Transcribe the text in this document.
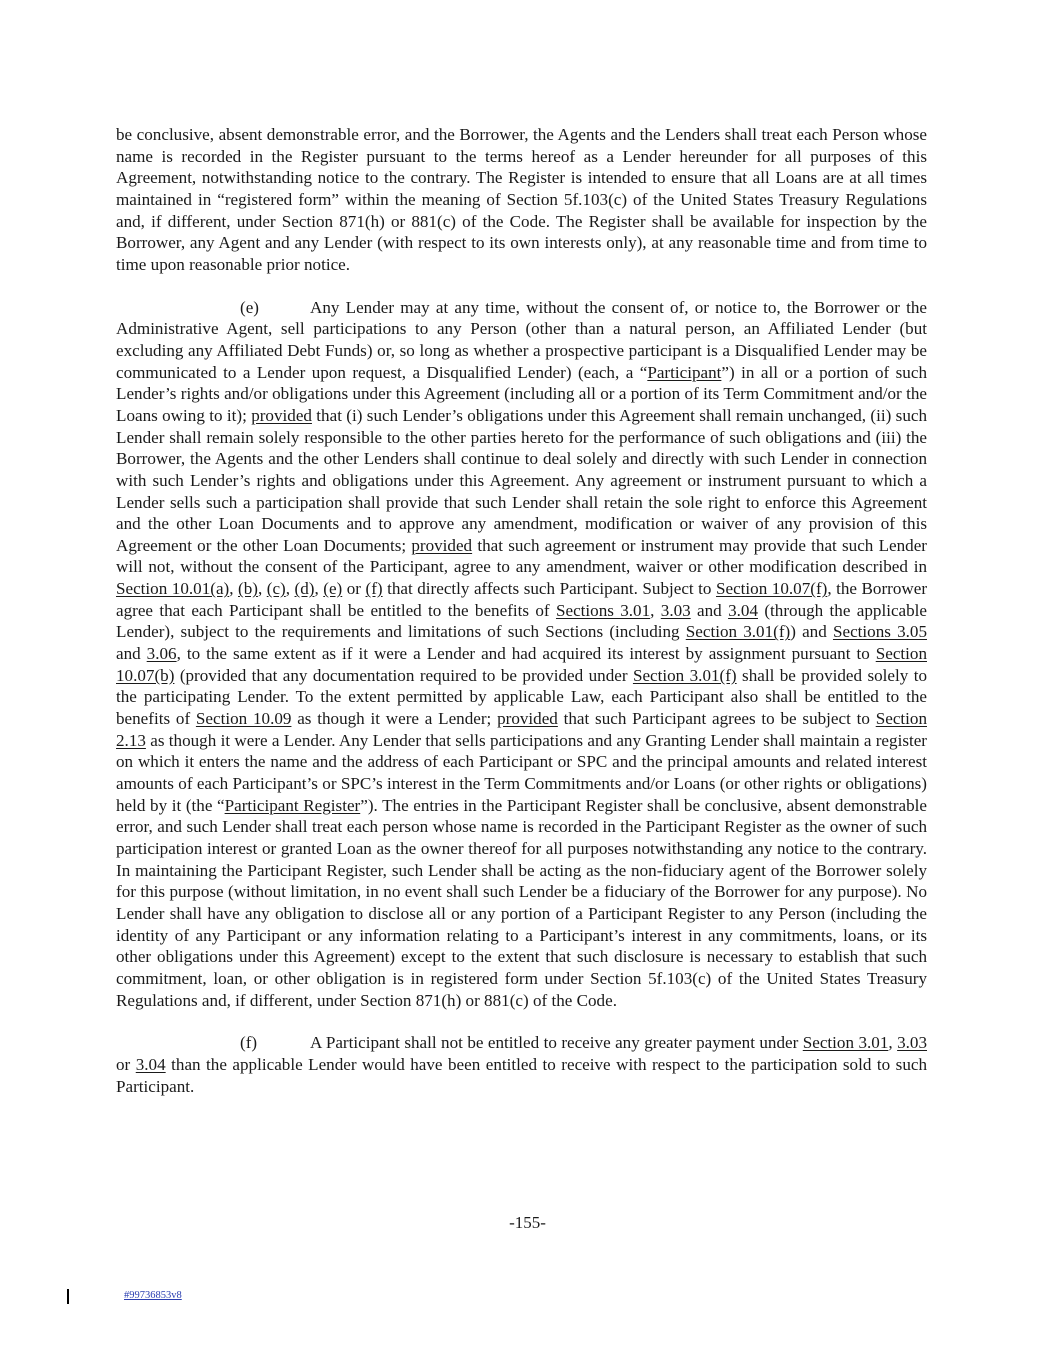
be conclusive, absent demonstrable error, and the Borrower, the Agents and the Lenders shall treat each Person whose name is recorded in the Register pursuant to the terms hereof as a Lender hereunder for all purposes of this Agreement, notwithstanding notice to the contrary. The Register is intended to ensure that all Loans are at all times maintained in “registered form” within the meaning of Section 5f.103(c) of the United States Treasury Regulations and, if different, under Section 871(h) or 881(c) of the Code. The Register shall be available for inspection by the Borrower, any Agent and any Lender (with respect to its own interests only), at any reasonable time and from time to time upon reasonable prior notice.

(e)	Any Lender may at any time, without the consent of, or notice to, the Borrower or the Administrative Agent, sell participations to any Person (other than a natural person, an Affiliated Lender (but excluding any Affiliated Debt Funds) or, so long as whether a prospective participant is a Disqualified Lender may be communicated to a Lender upon request, a Disqualified Lender) (each, a “Participant”) in all or a portion of such Lender’s rights and/or obligations under this Agreement (including all or a portion of its Term Commitment and/or the Loans owing to it); provided that (i) such Lender’s obligations under this Agreement shall remain unchanged, (ii) such Lender shall remain solely responsible to the other parties hereto for the performance of such obligations and (iii) the Borrower, the Agents and the other Lenders shall continue to deal solely and directly with such Lender in connection with such Lender’s rights and obligations under this Agreement. Any agreement or instrument pursuant to which a Lender sells such a participation shall provide that such Lender shall retain the sole right to enforce this Agreement and the other Loan Documents and to approve any amendment, modification or waiver of any provision of this Agreement or the other Loan Documents; provided that such agreement or instrument may provide that such Lender will not, without the consent of the Participant, agree to any amendment, waiver or other modification described in Section 10.01(a), (b), (c), (d), (e) or (f) that directly affects such Participant. Subject to Section 10.07(f), the Borrower agree that each Participant shall be entitled to the benefits of Sections 3.01, 3.03 and 3.04 (through the applicable Lender), subject to the requirements and limitations of such Sections (including Section 3.01(f)) and Sections 3.05 and 3.06, to the same extent as if it were a Lender and had acquired its interest by assignment pursuant to Section 10.07(b) (provided that any documentation required to be provided under Section 3.01(f) shall be provided solely to the participating Lender. To the extent permitted by applicable Law, each Participant also shall be entitled to the benefits of Section 10.09 as though it were a Lender; provided that such Participant agrees to be subject to Section 2.13 as though it were a Lender. Any Lender that sells participations and any Granting Lender shall maintain a register on which it enters the name and the address of each Participant or SPC and the principal amounts and related interest amounts of each Participant’s or SPC’s interest in the Term Commitments and/or Loans (or other rights or obligations) held by it (the “Participant Register”). The entries in the Participant Register shall be conclusive, absent demonstrable error, and such Lender shall treat each person whose name is recorded in the Participant Register as the owner of such participation interest or granted Loan as the owner thereof for all purposes notwithstanding any notice to the contrary. In maintaining the Participant Register, such Lender shall be acting as the non-fiduciary agent of the Borrower solely for this purpose (without limitation, in no event shall such Lender be a fiduciary of the Borrower for any purpose). No Lender shall have any obligation to disclose all or any portion of a Participant Register to any Person (including the identity of any Participant or any information relating to a Participant’s interest in any commitments, loans, or its other obligations under this Agreement) except to the extent that such disclosure is necessary to establish that such commitment, loan, or other obligation is in registered form under Section 5f.103(c) of the United States Treasury Regulations and, if different, under Section 871(h) or 881(c) of the Code.

(f)	A Participant shall not be entitled to receive any greater payment under Section 3.01, 3.03 or 3.04 than the applicable Lender would have been entitled to receive with respect to the participation sold to such Participant.

-155-
#99736853v8
